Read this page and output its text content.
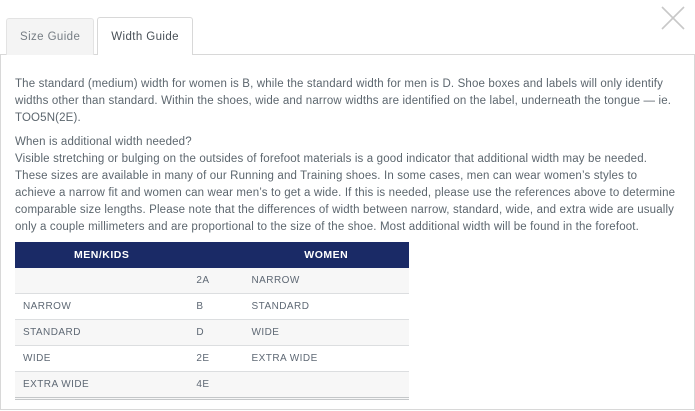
Size Guide	Width Guide

The standard (medium) width for women is B, while the standard width for men is D. Shoe boxes and labels will only identify widths other than standard. Within the shoes, wide and narrow widths are identified on the label, underneath the tongue — ie. TOO5N(2E).

When is additional width needed?

Visible stretching or bulging on the outsides of forefoot materials is a good indicator that additional width may be needed. These sizes are available in many of our Running and Training shoes. In some cases, men can wear women’s styles to achieve a narrow fit and women can wear men’s to get a wide. If this is needed, please use the references above to determine comparable size lengths. Please note that the differences of width between narrow, standard, wide, and extra wide are usually only a couple millimeters and are proportional to the size of the shoe. Most additional width will be found in the forefoot.

MEN/KIDS		WOMEN
	2A	NARROW
NARROW	B	STANDARD
STANDARD	D	WIDE
WIDE	2E	EXTRA WIDE
EXTRA WIDE	4E	
